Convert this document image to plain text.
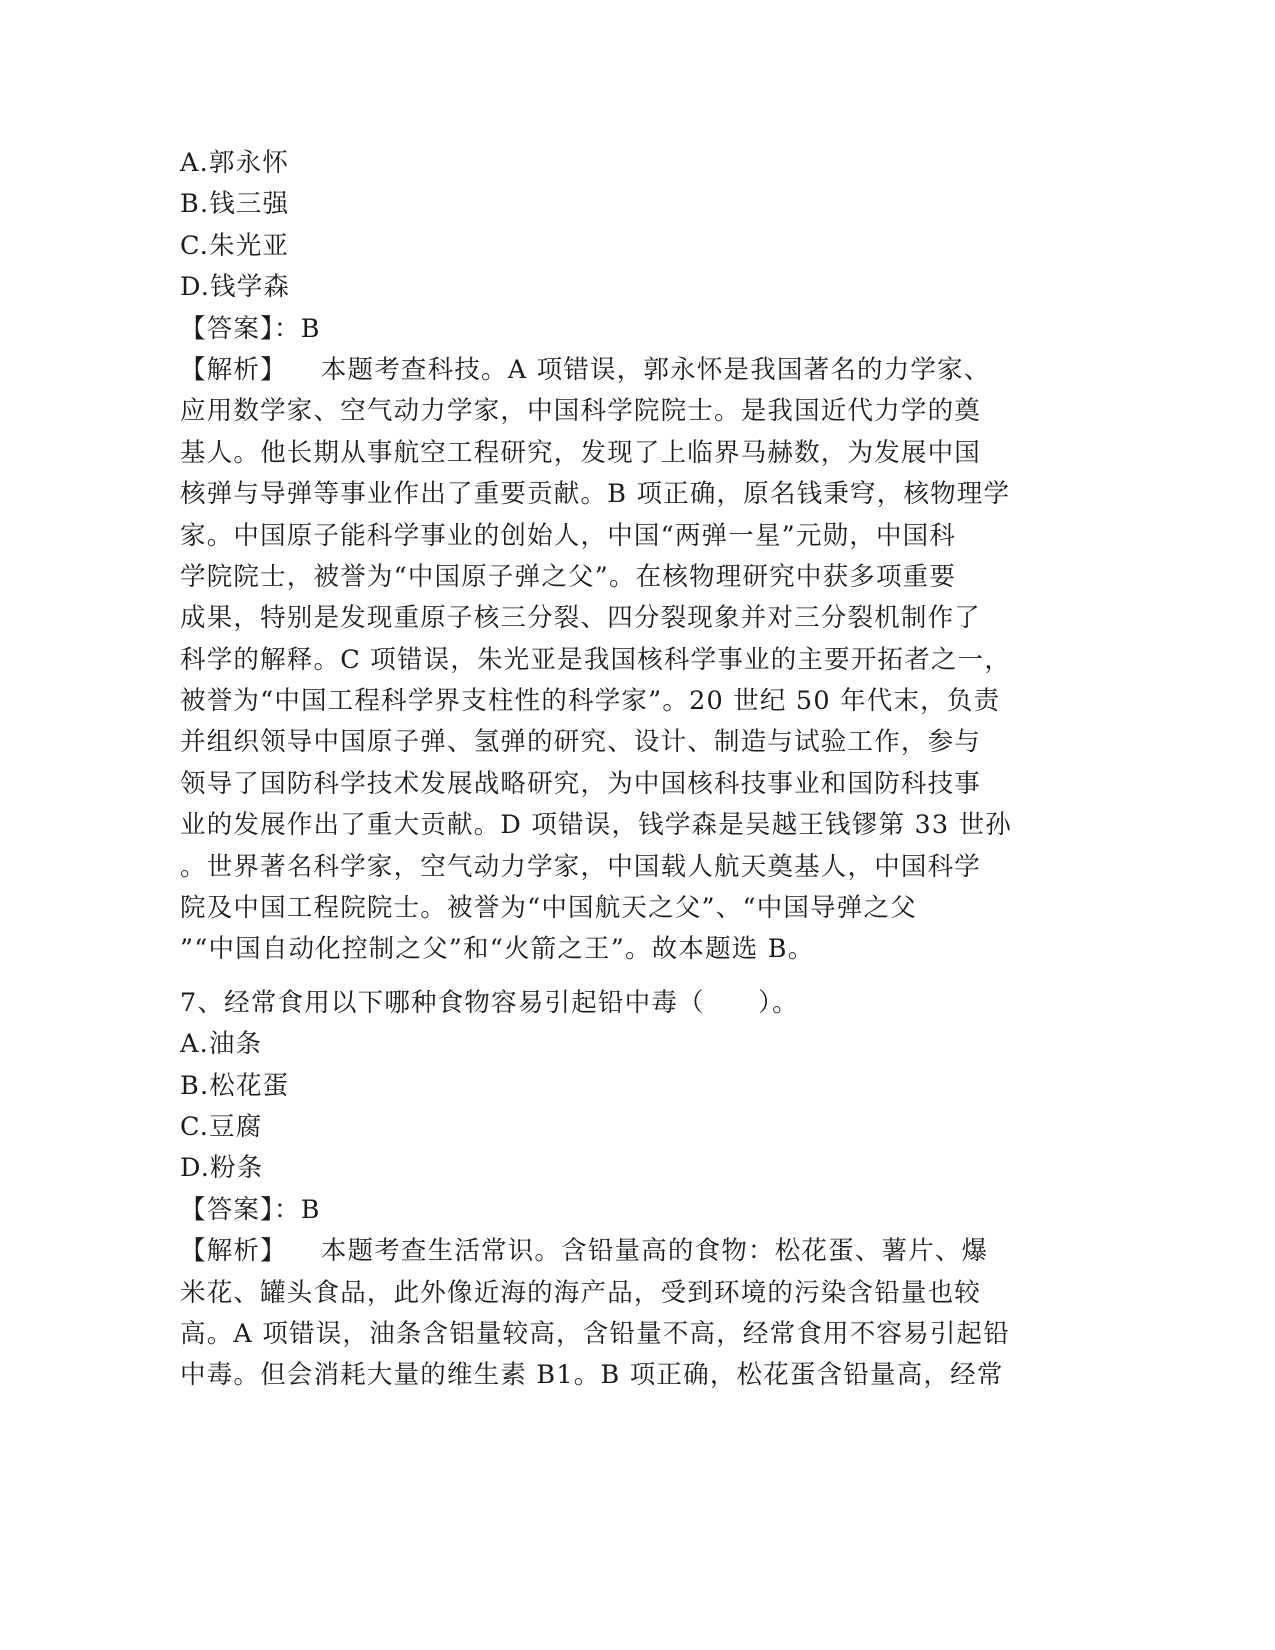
A.郭永怀
B.钱三强
C.朱光亚
D.钱学森
【答案】：B
【解析】 本题考查科技。A 项错误，郭永怀是我国著名的力学家、
应用数学家、空气动力学家，中国科学院院士。是我国近代力学的奠
基人。他长期从事航空工程研究，发现了上临界马赫数，为发展中国
核弹与导弹等事业作出了重要贡献。B 项正确，原名钱秉穹，核物理学
家。中国原子能科学事业的创始人，中国“两弹一星”元勋，中国科
学院院士，被誉为“中国原子弹之父”。在核物理研究中获多项重要
成果，特别是发现重原子核三分裂、四分裂现象并对三分裂机制作了
科学的解释。C 项错误，朱光亚是我国核科学事业的主要开拓者之一，
被誉为“中国工程科学界支柱性的科学家”。20 世纪 50 年代末，负责
并组织领导中国原子弹、氢弹的研究、设计、制造与试验工作，参与
领导了国防科学技术发展战略研究，为中国核科技事业和国防科技事
业的发展作出了重大贡献。D 项错误，钱学森是吴越王钱镠第 33 世孙
。世界著名科学家，空气动力学家，中国载人航天奠基人，中国科学
院及中国工程院院士。被誉为“中国航天之父”、“中国导弹之父
”“中国自动化控制之父”和“火箭之王”。故本题选 B。
7、经常食用以下哪种食物容易引起铅中毒（　　）。
A.油条
B.松花蛋
C.豆腐
D.粉条
【答案】：B
【解析】 本题考查生活常识。含铅量高的食物：松花蛋、薯片、爆
米花、罐头食品，此外像近海的海产品，受到环境的污染含铅量也较
高。A 项错误，油条含铝量较高，含铅量不高，经常食用不容易引起铅
中毒。但会消耗大量的维生素 B1。B 项正确，松花蛋含铅量高，经常
